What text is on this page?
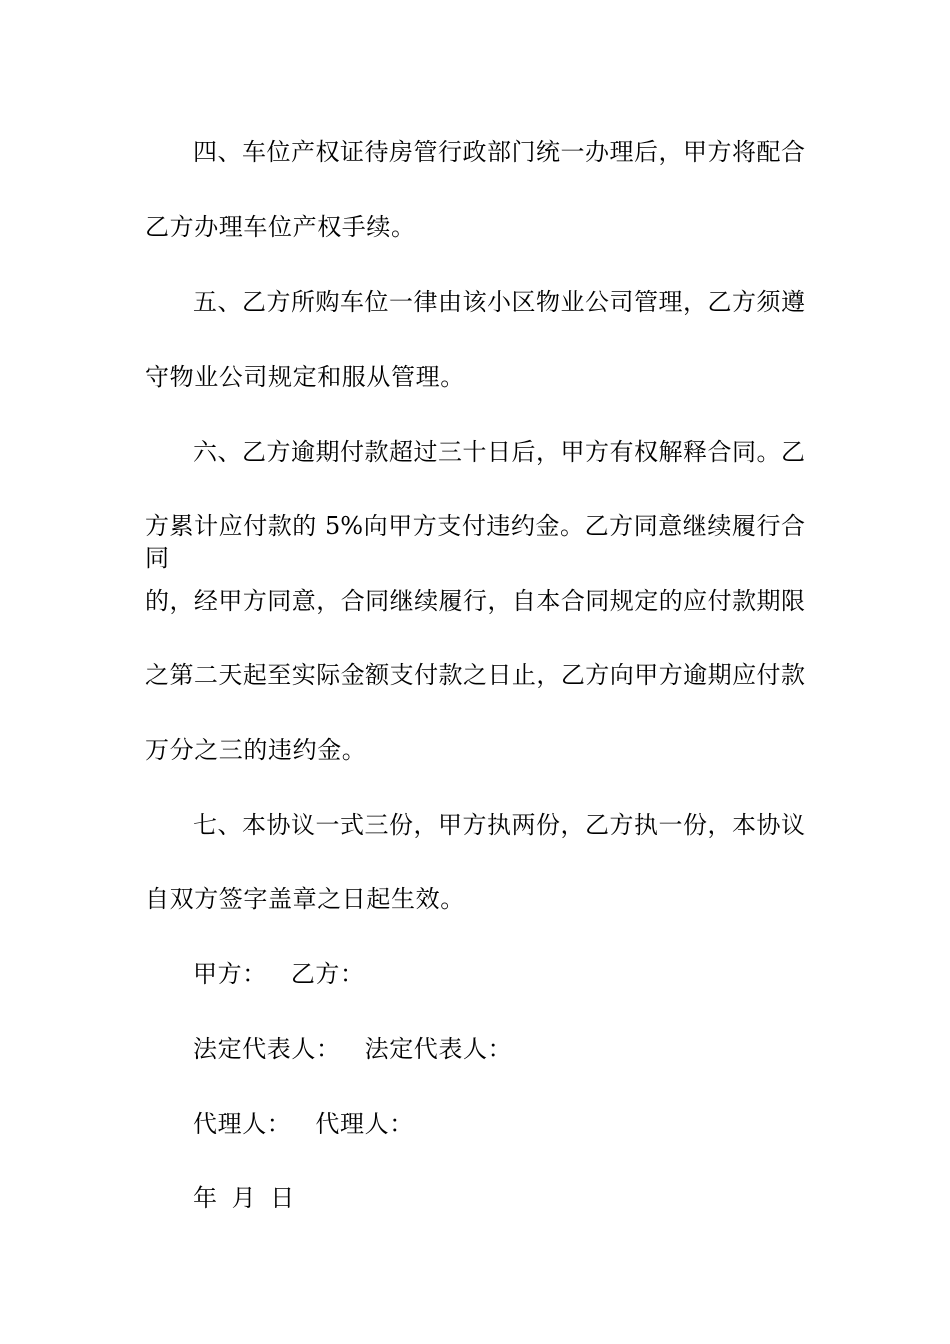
四、车位产权证待房管行政部门统一办理后，甲方将配合
乙方办理车位产权手续。
五、乙方所购车位一律由该小区物业公司管理，乙方须遵
守物业公司规定和服从管理。
六、乙方逾期付款超过三十日后，甲方有权解释合同。乙
方累计应付款的 5%向甲方支付违约金。乙方同意继续履行合同
的，经甲方同意，合同继续履行，自本合同规定的应付款期限
之第二天起至实际金额支付款之日止，乙方向甲方逾期应付款
万分之三的违约金。
七、本协议一式三份，甲方执两份，乙方执一份，本协议
自双方签字盖章之日起生效。
甲方： 乙方：
法定代表人： 法定代表人：
代理人： 代理人：
年 月 日
